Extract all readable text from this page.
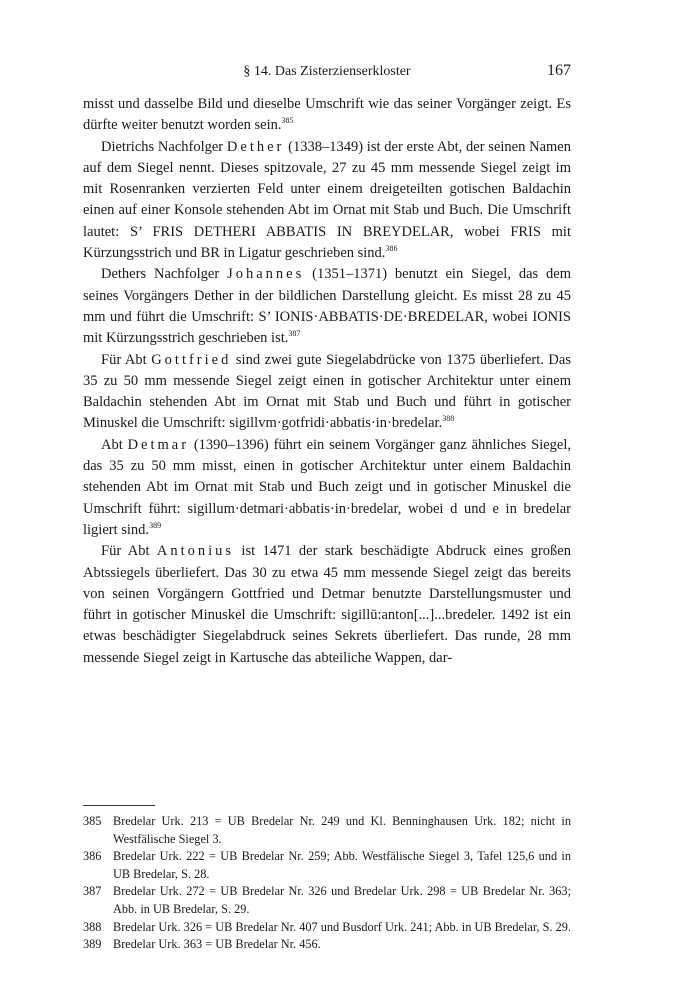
§ 14. Das Zisterzienserkloster	167

misst und dasselbe Bild und dieselbe Umschrift wie das seiner Vorgänger zeigt. Es dürfte weiter benutzt worden sein.$^{385}$

Dietrichs Nachfolger Dether (1338–1349) ist der erste Abt, der seinen Namen auf dem Siegel nennt. Dieses spitzovale, 27 zu 45 mm messende Siegel zeigt im mit Rosenranken verzierten Feld unter einem dreigeteilten gotischen Baldachin einen auf einer Konsole stehenden Abt im Ornat mit Stab und Buch. Die Umschrift lautet: S’ FRIS DETHERI ABBATIS IN BREYDELAR, wobei FRIS mit Kürzungsstrich und BR in Ligatur geschrieben sind.$^{386}$

Dethers Nachfolger Johannes (1351–1371) benutzt ein Siegel, das dem seines Vorgängers Dether in der bildlichen Darstellung gleicht. Es misst 28 zu 45 mm und führt die Umschrift: S’ IONIS·ABBATIS·DE·BREDELAR, wobei IONIS mit Kürzungsstrich geschrieben ist.$^{387}$

Für Abt Gottfried sind zwei gute Siegelabdrücke von 1375 überliefert. Das 35 zu 50 mm messende Siegel zeigt einen in gotischer Architektur unter einem Baldachin stehenden Abt im Ornat mit Stab und Buch und führt in gotischer Minuskel die Umschrift: sigillvm·gotfridi·abbatis·in·bredelar.$^{388}$

Abt Detmar (1390–1396) führt ein seinem Vorgänger ganz ähnliches Siegel, das 35 zu 50 mm misst, einen in gotischer Architektur unter einem Baldachin stehenden Abt im Ornat mit Stab und Buch zeigt und in gotischer Minuskel die Umschrift führt: sigillum·detmari·abbatis·in·bredelar, wobei d und e in bredelar ligiert sind.$^{389}$

Für Abt Antonius ist 1471 der stark beschädigte Abdruck eines großen Abtssiegels überliefert. Das 30 zu etwa 45 mm messende Siegel zeigt das bereits von seinen Vorgängern Gottfried und Detmar benutzte Darstellungsmuster und führt in gotischer Minuskel die Umschrift: sigillū:anton[...]...bredeler. 1492 ist ein etwas beschädigter Siegelabdruck seines Sekrets überliefert. Das runde, 28 mm messende Siegel zeigt in Kartusche das abteiliche Wappen, dar-

385 Bredelar Urk. 213 = UB Bredelar Nr. 249 und Kl. Benninghausen Urk. 182; nicht in Westfälische Siegel 3.
386 Bredelar Urk. 222 = UB Bredelar Nr. 259; Abb. Westfälische Siegel 3, Tafel 125,6 und in UB Bredelar, S. 28.
387 Bredelar Urk. 272 = UB Bredelar Nr. 326 und Bredelar Urk. 298 = UB Bredelar Nr. 363; Abb. in UB Bredelar, S. 29.
388 Bredelar Urk. 326 = UB Bredelar Nr. 407 und Busdorf Urk. 241; Abb. in UB Bredelar, S. 29.
389 Bredelar Urk. 363 = UB Bredelar Nr. 456.
